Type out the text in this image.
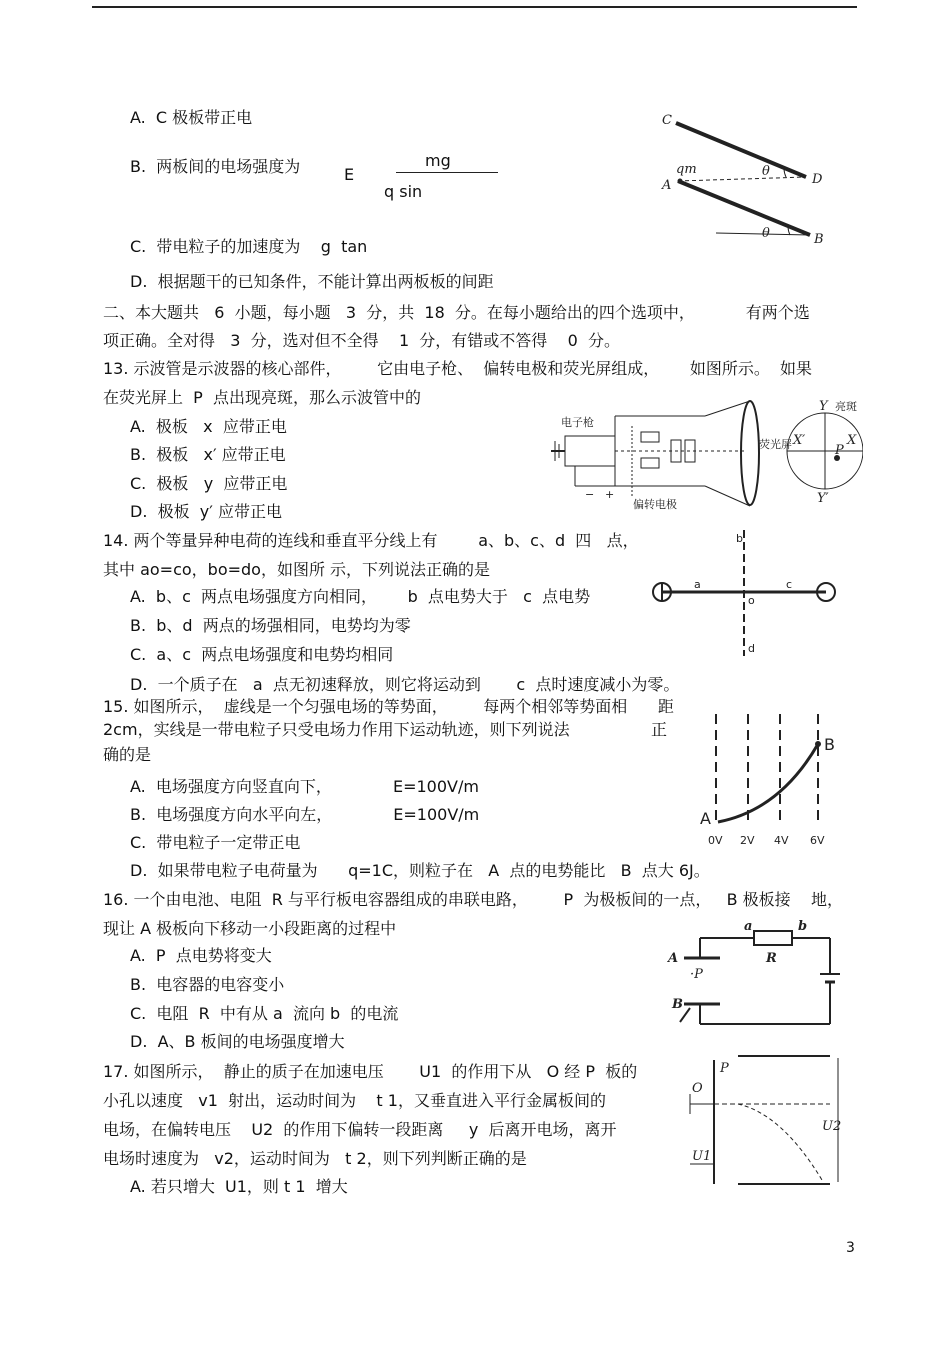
A.  C 极板带正电
B.  两板间的电场强度为	E
mg
q sin
C.  带电粒子的加速度为    g  tan
D.  根据题干的已知条件，不能计算出两板板的间距
二、本大题共   6  小题，每小题   3  分，共  18  分。在每小题给出的四个选项中，          有两个选
项正确。全对得   3  分，选对但不全得    1  分，有错或不答得    0  分。
13. 示波管是示波器的核心部件，       它由电子枪、  偏转电极和荧光屏组成，      如图所示。  如果
在荧光屏上  P  点出现亮斑，那么示波管中的
A.  极板   x  应带正电
B.  极板   x′ 应带正电
C.  极板   y  应带正电
D.  极板  y′ 应带正电
14. 两个等量异种电荷的连线和垂直平分线上有        a、b、c、d  四   点，
其中 ao=co，bo=do，如图所 示，下列说法正确的是
A.  b、c  两点电场强度方向相同，      b  点电势大于   c  点电势
B.  b、d  两点的场强相同，电势均为零
C.  a、c  两点电场强度和电势均相同
D.  一个质子在   a  点无初速释放，则它将运动到       c  点时速度减小为零。
15. 如图所示，  虚线是一个匀强电场的等势面，       每两个相邻等势面相      距
2cm，实线是一带电粒子只受电场力作用下运动轨迹，则下列说法                正
确的是
A.  电场强度方向竖直向下，            E=100V/m
B.  电场强度方向水平向左，            E=100V/m
C.  带电粒子一定带正电
D.  如果带电粒子电荷量为      q=1C，则粒子在   A  点的电势能比   B  点大 6J。
16. 一个由电池、电阻  R 与平行板电容器组成的串联电路，       P  为极板间的一点，   B 极板接    地，
现让 A 极板向下移动一小段距离的过程中
A.  P  点电势将变大
B.  电容器的电容变小
C.  电阻  R  中有从 a  流向 b  的电流
D.  A、B 板间的电场强度增大
17. 如图所示，  静止的质子在加速电压       U1  的作用下从   O 经 P  板的
小孔以速度   v1  射出，运动时间为    t 1，又垂直进入平行金属板间的
电场，在偏转电压    U2  的作用下偏转一段距离     y  后离开电场，离开
电场时速度为   v2，运动时间为   t 2，则下列判断正确的是
A. 若只增大  U1，则 t 1  增大
3
C
qm
A	D
B
θ
θ
电子枪
偏转电极
荧光屏
亮斑
Y
Y′
X
X′
P
− +
a	c
b
d
o
A
B
0V 2V 4V 6V
A
B
a	b
R
·P
P
O
U1
U2
